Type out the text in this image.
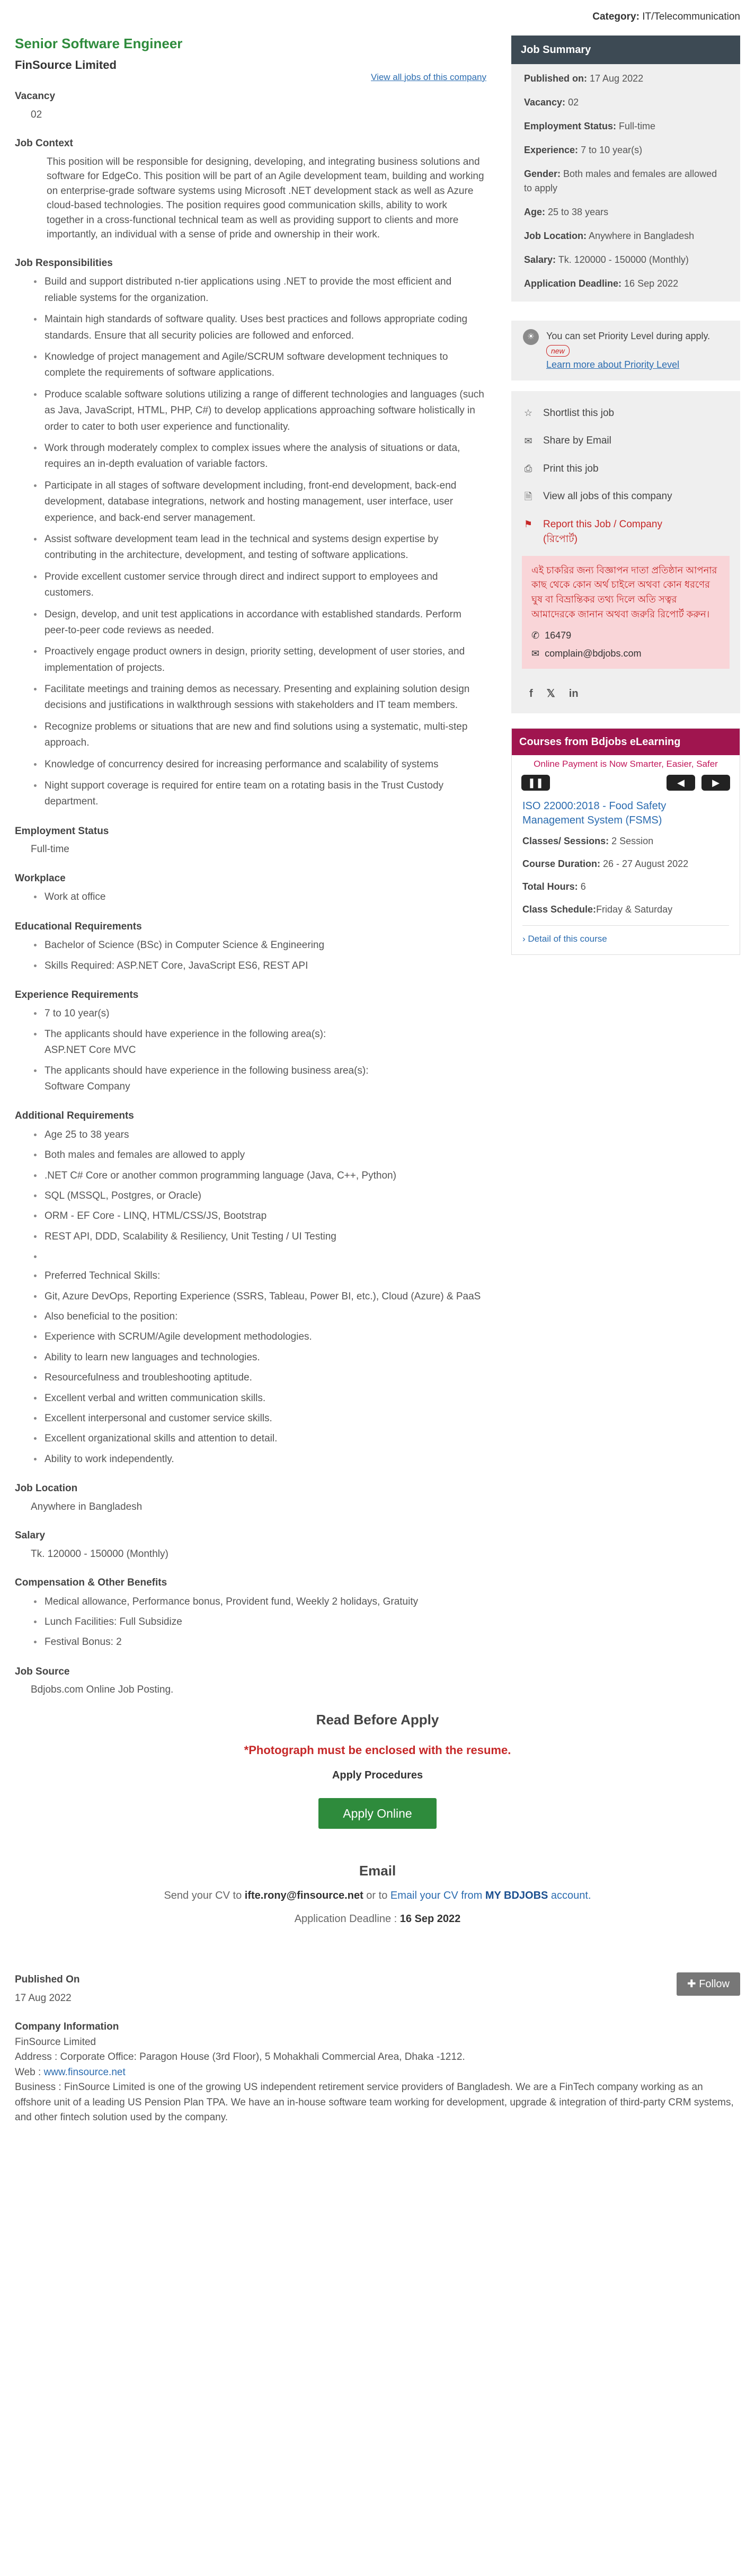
Category: IT/Telecommunication
Senior Software Engineer
FinSource Limited
View all jobs of this company
Vacancy
02
Job Context

This position will be responsible for designing, developing, and integrating business solutions and software for EdgeCo. This position will be part of an Agile development team, building and working on enterprise-grade software systems using Microsoft .NET development stack as well as Azure cloud-based technologies. The position requires good communication skills, ability to work together in a cross-functional technical team as well as providing support to clients and more importantly, an individual with a sense of pride and ownership in their work.

Job Responsibilities
Build and support distributed n-tier applications using .NET to provide the most efficient and reliable systems for the organization.
Maintain high standards of software quality. Uses best practices and follows appropriate coding standards. Ensure that all security policies are followed and enforced.
Knowledge of project management and Agile/SCRUM software development techniques to complete the requirements of software applications.
Produce scalable software solutions utilizing a range of different technologies and languages (such as Java, JavaScript, HTML, PHP, C#) to develop applications approaching software holistically in order to cater to both user experience and functionality.
Work through moderately complex to complex issues where the analysis of situations or data, requires an in-depth evaluation of variable factors.
Participate in all stages of software development including, front-end development, back-end development, database integrations, network and hosting management, user interface, user experience, and back-end server management.
Assist software development team lead in the technical and systems design expertise by contributing in the architecture, development, and testing of software applications.
Provide excellent customer service through direct and indirect support to employees and customers.
Design, develop, and unit test applications in accordance with established standards. Perform peer-to-peer code reviews as needed.
Proactively engage product owners in design, priority setting, development of user stories, and implementation of projects.
Facilitate meetings and training demos as necessary. Presenting and explaining solution design decisions and justifications in walkthrough sessions with stakeholders and IT team members.
Recognize problems or situations that are new and find solutions using a systematic, multi-step approach.
Knowledge of concurrency desired for increasing performance and scalability of systems
Night support coverage is required for entire team on a rotating basis in the Trust Custody department.
Employment Status
Full-time
Workplace
Work at office
Educational Requirements
Bachelor of Science (BSc) in Computer Science & Engineering
Skills Required: ASP.NET Core, JavaScript ES6, REST API
Experience Requirements
7 to 10 year(s)
The applicants should have experience in the following area(s):
ASP.NET Core MVC
The applicants should have experience in the following business area(s):
Software Company
Additional Requirements
Age 25 to 38 years
Both males and females are allowed to apply
.NET C# Core or another common programming language (Java, C++, Python)
SQL (MSSQL, Postgres, or Oracle)
ORM - EF Core - LINQ, HTML/CSS/JS, Bootstrap
REST API, DDD, Scalability & Resiliency, Unit Testing / UI Testing
Preferred Technical Skills:
Git, Azure DevOps, Reporting Experience (SSRS, Tableau, Power BI, etc.), Cloud (Azure) & PaaS
Also beneficial to the position:
Experience with SCRUM/Agile development methodologies.
Ability to learn new languages and technologies.
Resourcefulness and troubleshooting aptitude.
Excellent verbal and written communication skills.
Excellent interpersonal and customer service skills.
Excellent organizational skills and attention to detail.
Ability to work independently.
Job Location
Anywhere in Bangladesh
Salary
Tk. 120000 - 150000 (Monthly)
Compensation & Other Benefits
Medical allowance, Performance bonus, Provident fund, Weekly 2 holidays, Gratuity
Lunch Facilities: Full Subsidize
Festival Bonus: 2
Job Source
Bdjobs.com Online Job Posting.
Job Summary
Published on: 17 Aug 2022
Vacancy: 02
Employment Status: Full-time
Experience: 7 to 10 year(s)
Gender: Both males and females are allowed to apply
Age: 25 to 38 years
Job Location: Anywhere in Bangladesh
Salary: Tk. 120000 - 150000 (Monthly)
Application Deadline: 16 Sep 2022
☀	You can set Priority Level during apply. new
Learn more about Priority Level
☆ Shortlist this job
✉ Share by Email
⎙ Print this job
🗎 View all jobs of this company
⚑ Report this Job / Company
(রিপোর্ট)
এই চাকরির জন্য বিজ্ঞাপন দাতা প্রতিষ্ঠান আপনার কাছ থেকে কোন অর্থ চাইলে অথবা কোন ধরণের ঘুষ বা বিভ্রান্তিকর তথ্য দিলে অতি সত্বর আমাদেরকে জানান অথবা জরুরি রিপোর্ট করুন।
✆ 16479
✉ complain@bdjobs.com
f 𝕏 in
Courses from Bdjobs eLearning
Online Payment is Now Smarter, Easier, Safer
❚❚	◀	▶
ISO 22000:2018 - Food Safety Management System (FSMS)
Classes/ Sessions: 2 Session
Course Duration: 26 - 27 August 2022
Total Hours: 6
Class Schedule:Friday & Saturday
› Detail of this course
Read Before Apply
*Photograph must be enclosed with the resume.
Apply Procedures
Apply Online
Email
Send your CV to ifte.rony@finsource.net or to Email your CV from MY BDJOBS account.
Application Deadline : 16 Sep 2022
Published On
17 Aug 2022
✚ Follow
Company Information
FinSource Limited
Address : Corporate Office: Paragon House (3rd Floor), 5 Mohakhali Commercial Area, Dhaka -1212.
Web : www.finsource.net
Business : FinSource Limited is one of the growing US independent retirement service providers of Bangladesh. We are a FinTech company working as an offshore unit of a leading US Pension Plan TPA. We have an in-house software team working for development, upgrade & integration of third-party CRM systems, and other fintech solution used by the company.
